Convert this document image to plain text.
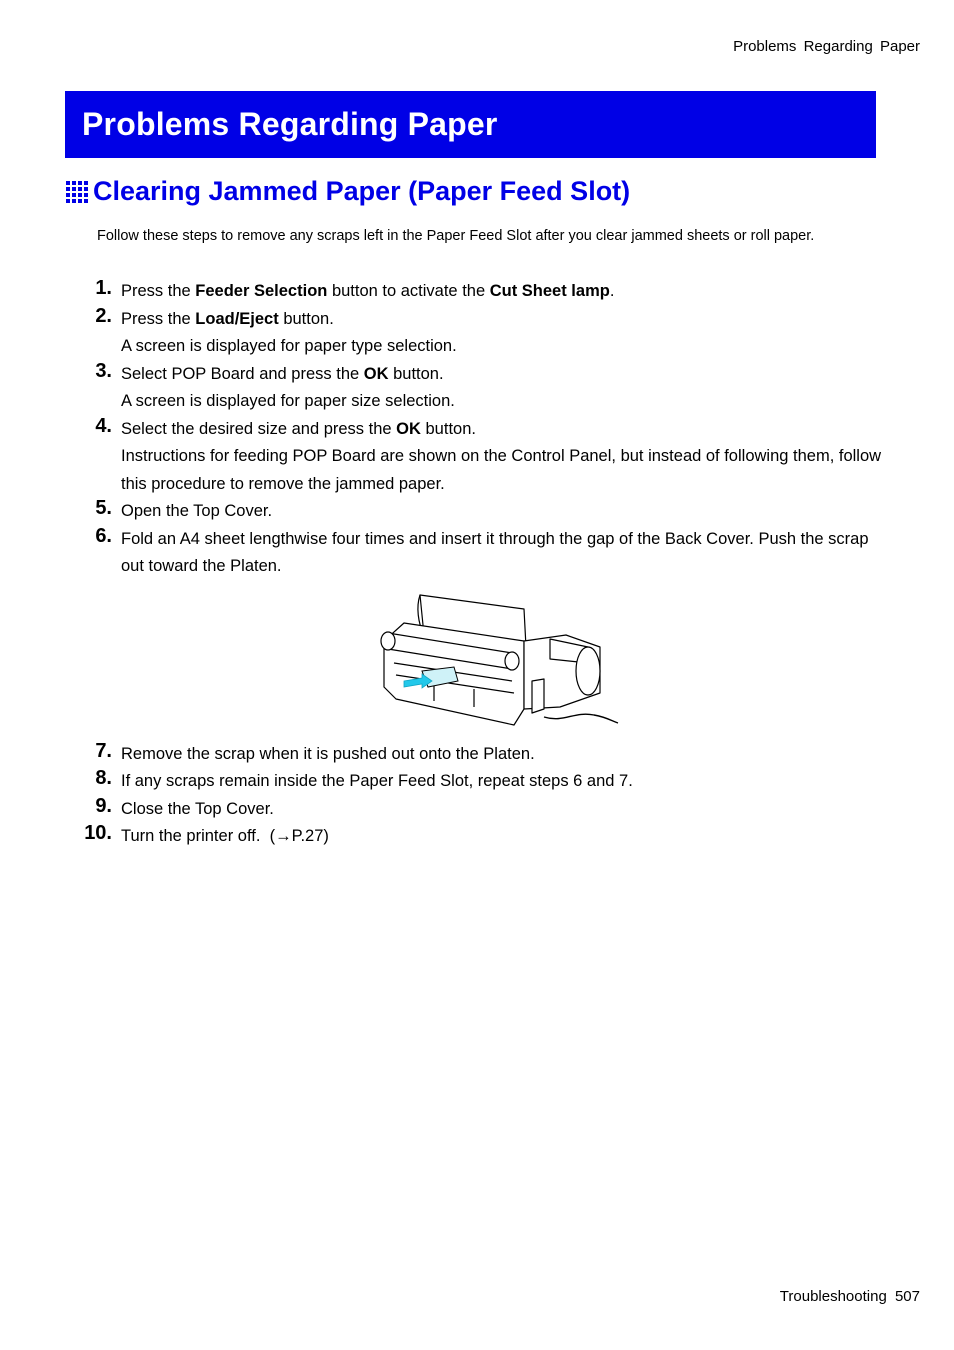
Problems Regarding Paper
Problems Regarding Paper
Clearing Jammed Paper (Paper Feed Slot)

Follow these steps to remove any scraps left in the Paper Feed Slot after you clear jammed sheets or roll paper.

1. Press the Feeder Selection button to activate the Cut Sheet lamp.
2. Press the Load/Eject button.
A screen is displayed for paper type selection.
3. Select POP Board and press the OK button.
A screen is displayed for paper size selection.
4. Select the desired size and press the OK button.
Instructions for feeding POP Board are shown on the Control Panel, but instead of following them, follow this procedure to remove the jammed paper.
5. Open the Top Cover.
6. Fold an A4 sheet lengthwise four times and insert it through the gap of the Back Cover. Push the scrap out toward the Platen.
7. Remove the scrap when it is pushed out onto the Platen.
8. If any scraps remain inside the Paper Feed Slot, repeat steps 6 and 7.
9. Close the Top Cover.
10. Turn the printer off. (→P.27)
Troubleshooting 507
